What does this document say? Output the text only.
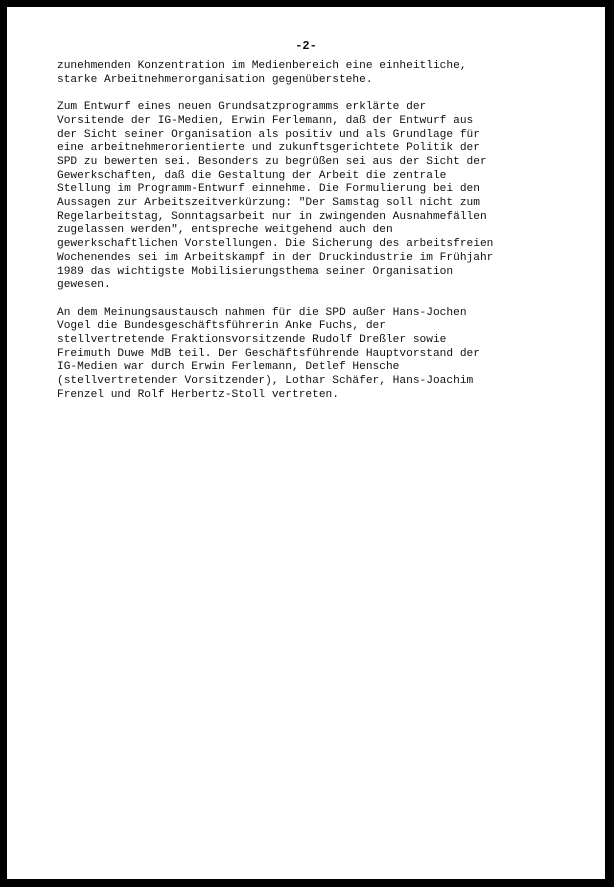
-2-

zunehmenden Konzentration im Medienbereich eine einheitliche,
starke Arbeitnehmerorganisation gegenüberstehe.

Zum Entwurf eines neuen Grundsatzprogramms erklärte der
Vorsitende der IG-Medien, Erwin Ferlemann, daß der Entwurf aus
der Sicht seiner Organisation als positiv und als Grundlage für
eine arbeitnehmerorientierte und zukunftsgerichtete Politik der
SPD zu bewerten sei. Besonders zu begrüßen sei aus der Sicht der
Gewerkschaften, daß die Gestaltung der Arbeit die zentrale
Stellung im Programm-Entwurf einnehme. Die Formulierung bei den
Aussagen zur Arbeitszeitverkürzung: "Der Samstag soll nicht zum
Regelarbeitstag, Sonntagsarbeit nur in zwingenden Ausnahmefällen
zugelassen werden", entspreche weitgehend auch den
gewerkschaftlichen Vorstellungen. Die Sicherung des arbeitsfreien
Wochenendes sei im Arbeitskampf in der Druckindustrie im Frühjahr
1989 das wichtigste Mobilisierungsthema seiner Organisation
gewesen.

An dem Meinungsaustausch nahmen für die SPD außer Hans-Jochen
Vogel die Bundesgeschäftsführerin Anke Fuchs, der
stellvertretende Fraktionsvorsitzende Rudolf Dreßler sowie
Freimuth Duwe MdB teil. Der Geschäftsführende Hauptvorstand der
IG-Medien war durch Erwin Ferlemann, Detlef Hensche
(stellvertretender Vorsitzender), Lothar Schäfer, Hans-Joachim
Frenzel und Rolf Herbertz-Stoll vertreten.
